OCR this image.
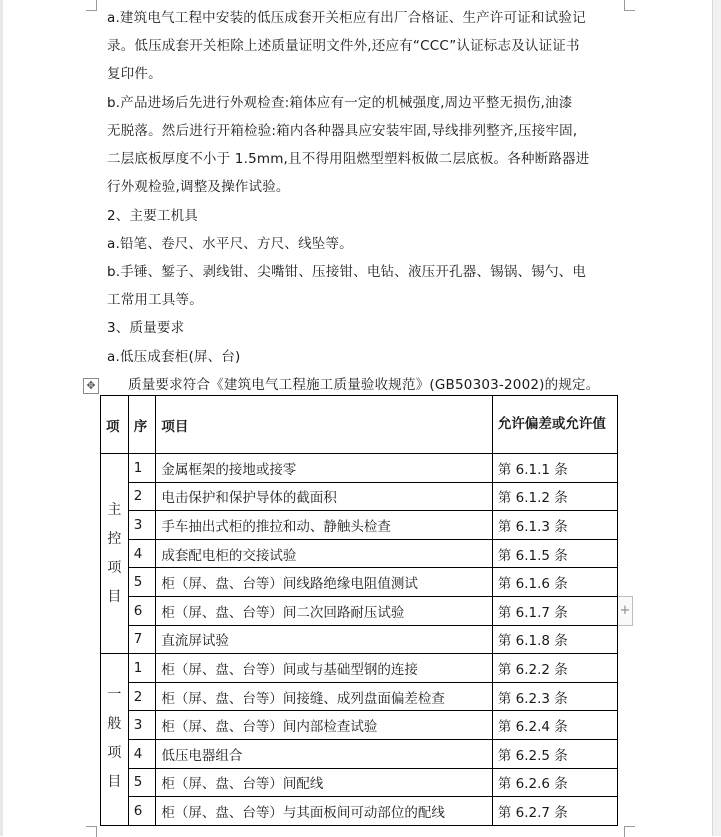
a.建筑电气工程中安装的低压成套开关柜应有出厂合格证、生产许可证和试验记
录。低压成套开关柜除上述质量证明文件外,还应有“CCC”认证标志及认证证书
复印件。
b.产品进场后先进行外观检查:箱体应有一定的机械强度,周边平整无损伤,油漆
无脱落。然后进行开箱检验:箱内各种器具应安装牢固,导线排列整齐,压接牢固,
二层底板厚度不小于 1.5mm,且不得用阻燃型塑料板做二层底板。各种断路器进
行外观检验,调整及操作试验。
2、主要工机具
a.铅笔、卷尺、水平尺、方尺、线坠等。
b.手锤、錾子、剥线钳、尖嘴钳、压接钳、电钻、液压开孔器、锡锅、锡勺、电
工常用工具等。
3、质量要求
a.低压成套柜(屏、台)
质量要求符合《建筑电气工程施工质量验收规范》(GB50303-2002)的规定。
✥
+
项	序	项目	允许偏差或允许值

主
控
项
目	1	金属框架的接地或接零	第 6.1.1 条
	2	电击保护和保护导体的截面积	第 6.1.2 条
	3	手车抽出式柜的推拉和动、静触头检查	第 6.1.3 条
	4	成套配电柜的交接试验	第 6.1.5 条
	5	柜（屏、盘、台等）间线路绝缘电阻值测试	第 6.1.6 条
	6	柜（屏、盘、台等）间二次回路耐压试验	第 6.1.7 条
	7	直流屏试验	第 6.1.8 条

一
般
项
目	1	柜（屏、盘、台等）间或与基础型钢的连接	第 6.2.2 条
	2	柜（屏、盘、台等）间接缝、成列盘面偏差检查	第 6.2.3 条
	3	柜（屏、盘、台等）间内部检查试验	第 6.2.4 条
	4	低压电器组合	第 6.2.5 条
	5	柜（屏、盘、台等）间配线	第 6.2.6 条
	6	柜（屏、盘、台等）与其面板间可动部位的配线	第 6.2.7 条
